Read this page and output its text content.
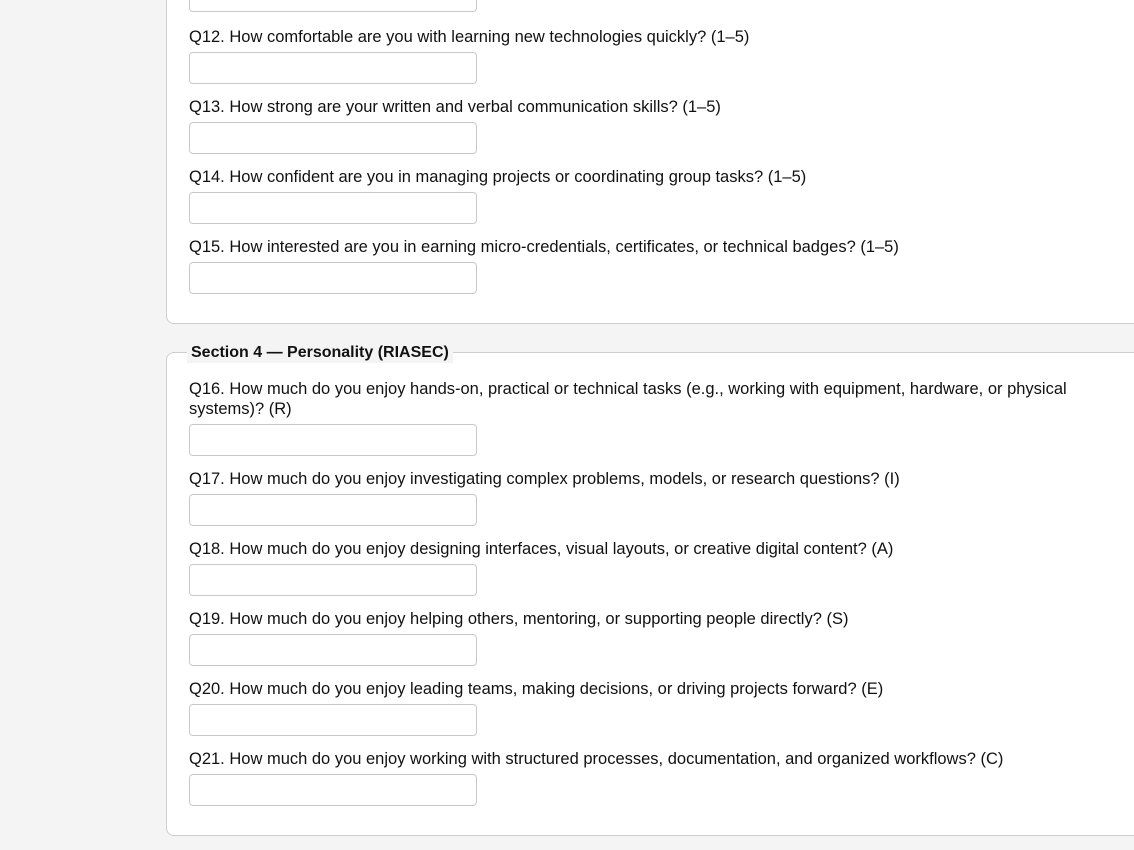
Q12. How comfortable are you with learning new technologies quickly? (1–5)
Q13. How strong are your written and verbal communication skills? (1–5)
Q14. How confident are you in managing projects or coordinating group tasks? (1–5)
Q15. How interested are you in earning micro-credentials, certificates, or technical badges? (1–5)
Section 4 — Personality (RIASEC)
Q16. How much do you enjoy hands-on, practical or technical tasks (e.g., working with equipment, hardware, or physical systems)? (R)
Q17. How much do you enjoy investigating complex problems, models, or research questions? (I)
Q18. How much do you enjoy designing interfaces, visual layouts, or creative digital content? (A)
Q19. How much do you enjoy helping others, mentoring, or supporting people directly? (S)
Q20. How much do you enjoy leading teams, making decisions, or driving projects forward? (E)
Q21. How much do you enjoy working with structured processes, documentation, and organized workflows? (C)
